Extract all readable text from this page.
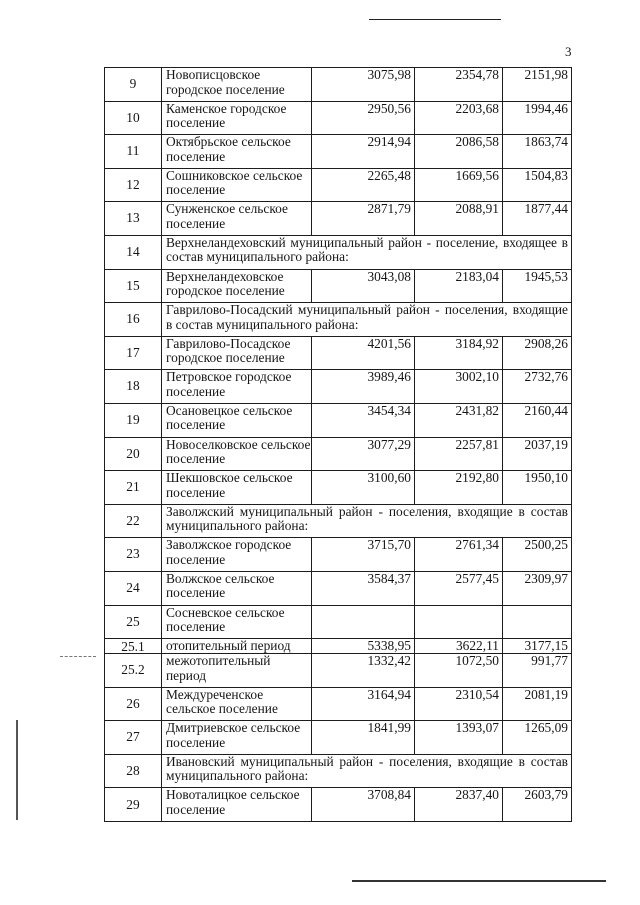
3
9	Новописцовское городское поселение	3075,98	2354,78	2151,98
10	Каменское городское поселение	2950,56	2203,68	1994,46
11	Октябрьское сельское поселение	2914,94	2086,58	1863,74
12	Сошниковское сельское поселение	2265,48	1669,56	1504,83
13	Сунженское сельское поселение	2871,79	2088,91	1877,44
14	Верхнеландеховский муниципальный район - поселение, входящее в состав муниципального района:			
15	Верхнеландеховское городское поселение	3043,08	2183,04	1945,53
16	Гаврилово-Посадский муниципальный район - поселения, входящие в состав муниципального района:			
17	Гаврилово-Посадское городское поселение	4201,56	3184,92	2908,26
18	Петровское городское поселение	3989,46	3002,10	2732,76
19	Осановецкое сельское поселение	3454,34	2431,82	2160,44
20	Новоселковское сельское поселение	3077,29	2257,81	2037,19
21	Шекшовское сельское поселение	3100,60	2192,80	1950,10
22	Заволжский муниципальный район - поселения, входящие в состав муниципального района:			
23	Заволжское городское поселение	3715,70	2761,34	2500,25
24	Волжское сельское поселение	3584,37	2577,45	2309,97
25	Сосневское сельское поселение			
25.1	отопительный период	5338,95	3622,11	3177,15
25.2	межотопительный период	1332,42	1072,50	991,77
26	Междуреченское сельское поселение	3164,94	2310,54	2081,19
27	Дмитриевское сельское поселение	1841,99	1393,07	1265,09
28	Ивановский муниципальный район - поселения, входящие в состав муниципального района:			
29	Новоталицкое сельское поселение	3708,84	2837,40	2603,79
